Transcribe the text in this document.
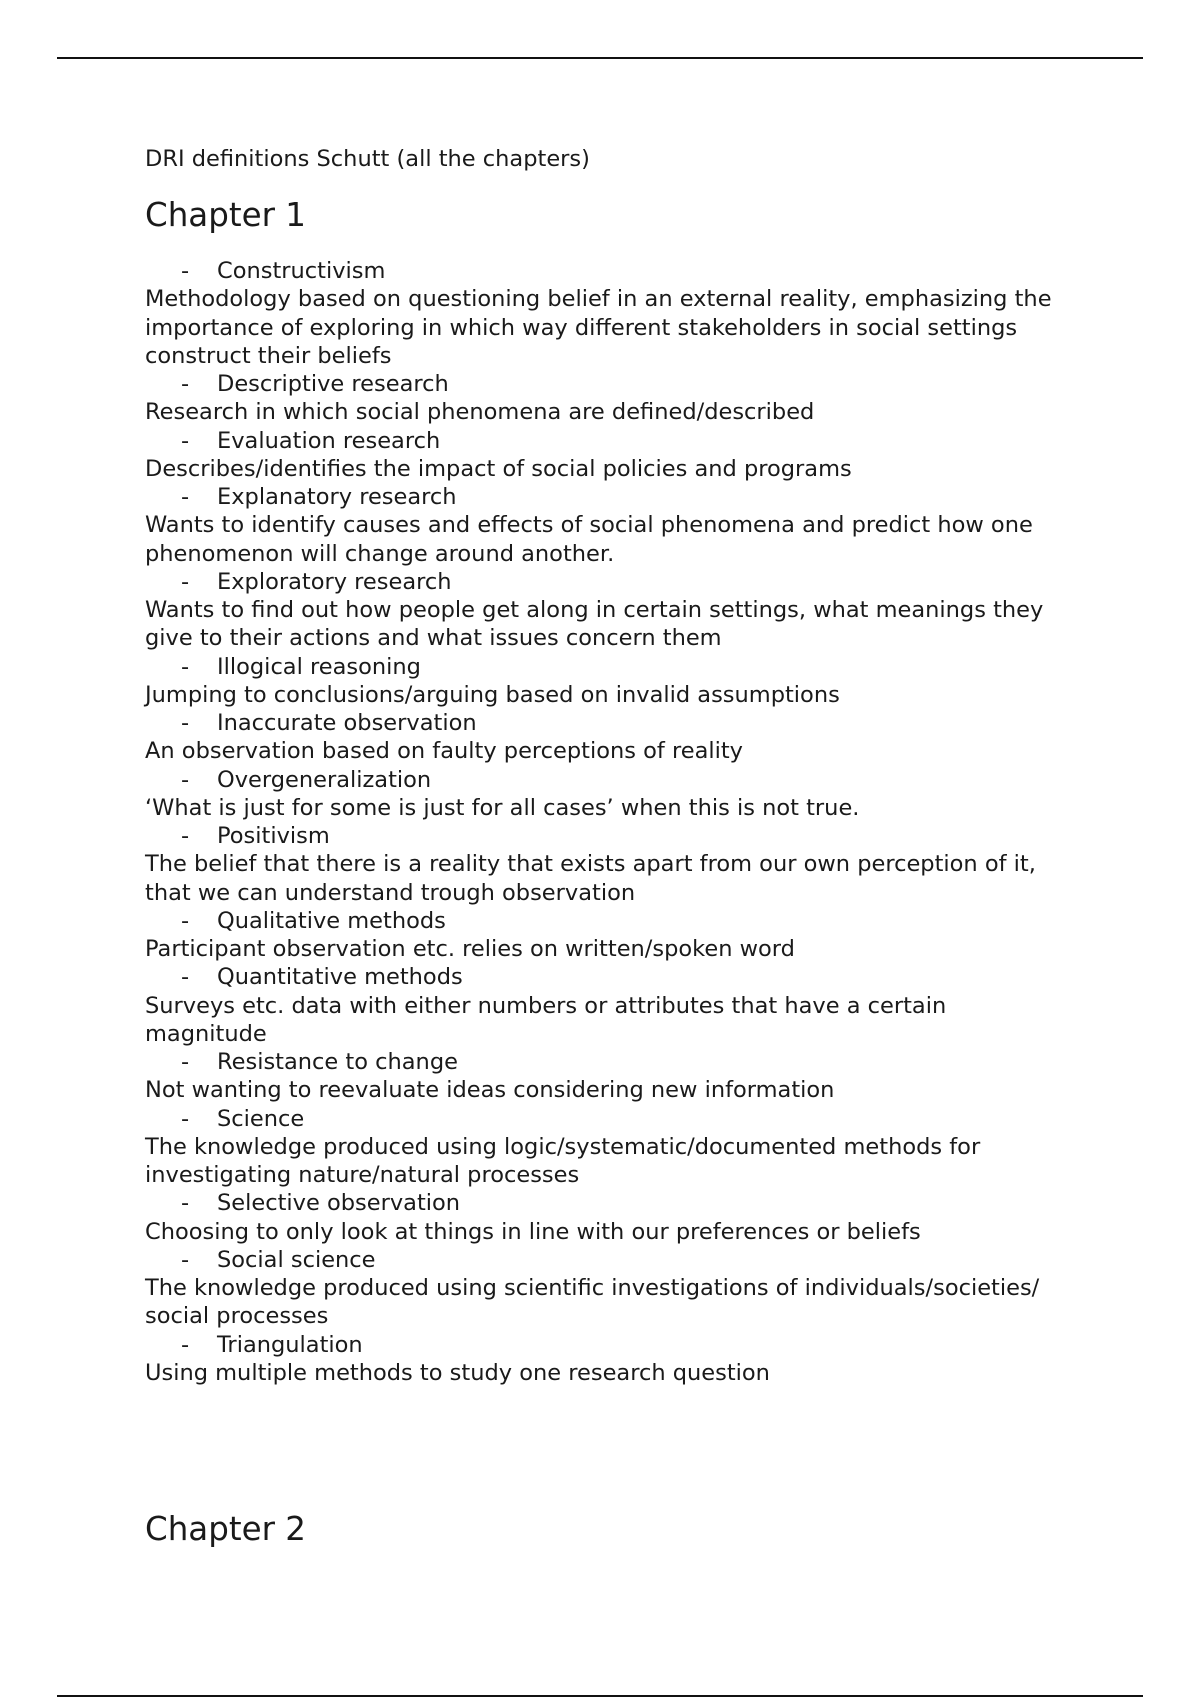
DRI definitions Schutt (all the chapters)

Chapter 1
-	Constructivism

Methodology based on questioning belief in an external reality, emphasizing the importance of exploring in which way different stakeholders in social settings construct their beliefs

-	Descriptive research

Research in which social phenomena are defined/described

-	Evaluation research

Describes/identifies the impact of social policies and programs

-	Explanatory research

Wants to identify causes and effects of social phenomena and predict how one phenomenon will change around another.

-	Exploratory research

Wants to find out how people get along in certain settings, what meanings they give to their actions and what issues concern them

-	Illogical reasoning

Jumping to conclusions/arguing based on invalid assumptions

-	Inaccurate observation

An observation based on faulty perceptions of reality

-	Overgeneralization

‘What is just for some is just for all cases’ when this is not true.

-	Positivism

The belief that there is a reality that exists apart from our own perception of it, that we can understand trough observation

-	Qualitative methods

Participant observation etc. relies on written/spoken word

-	Quantitative methods

Surveys etc. data with either numbers or attributes that have a certain magnitude

-	Resistance to change

Not wanting to reevaluate ideas considering new information

-	Science

The knowledge produced using logic/systematic/documented methods for investigating nature/natural processes

-	Selective observation

Choosing to only look at things in line with our preferences or beliefs

-	Social science

The knowledge produced using scientific investigations of individuals/societies/ social processes

-	Triangulation

Using multiple methods to study one research question

Chapter 2
